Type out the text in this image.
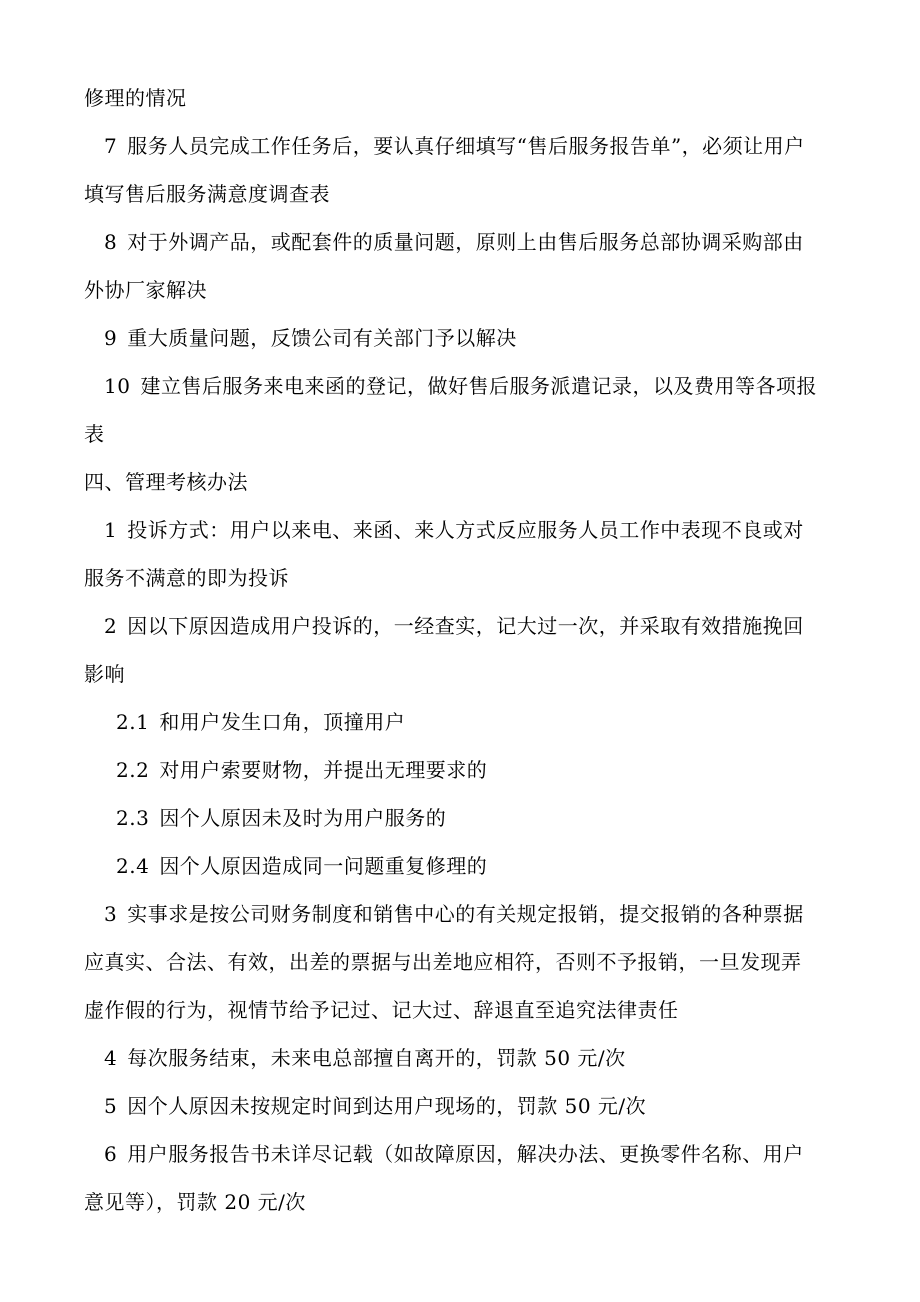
修理的情况
7 服务人员完成工作任务后，要认真仔细填写“售后服务报告单”，必须让用户
填写售后服务满意度调查表
8 对于外调产品，或配套件的质量问题，原则上由售后服务总部协调采购部由
外协厂家解决
9 重大质量问题，反馈公司有关部门予以解决
10 建立售后服务来电来函的登记，做好售后服务派遣记录，以及费用等各项报
表
四、管理考核办法
1 投诉方式：用户以来电、来函、来人方式反应服务人员工作中表现不良或对
服务不满意的即为投诉
2 因以下原因造成用户投诉的，一经查实，记大过一次，并采取有效措施挽回
影响
2.1 和用户发生口角，顶撞用户
2.2 对用户索要财物，并提出无理要求的
2.3 因个人原因未及时为用户服务的
2.4 因个人原因造成同一问题重复修理的
3 实事求是按公司财务制度和销售中心的有关规定报销，提交报销的各种票据
应真实、合法、有效，出差的票据与出差地应相符，否则不予报销，一旦发现弄
虚作假的行为，视情节给予记过、记大过、辞退直至追究法律责任
4 每次服务结束，未来电总部擅自离开的，罚款 50 元/次
5 因个人原因未按规定时间到达用户现场的，罚款 50 元/次
6 用户服务报告书未详尽记载（如故障原因，解决办法、更换零件名称、用户
意见等），罚款 20 元/次
